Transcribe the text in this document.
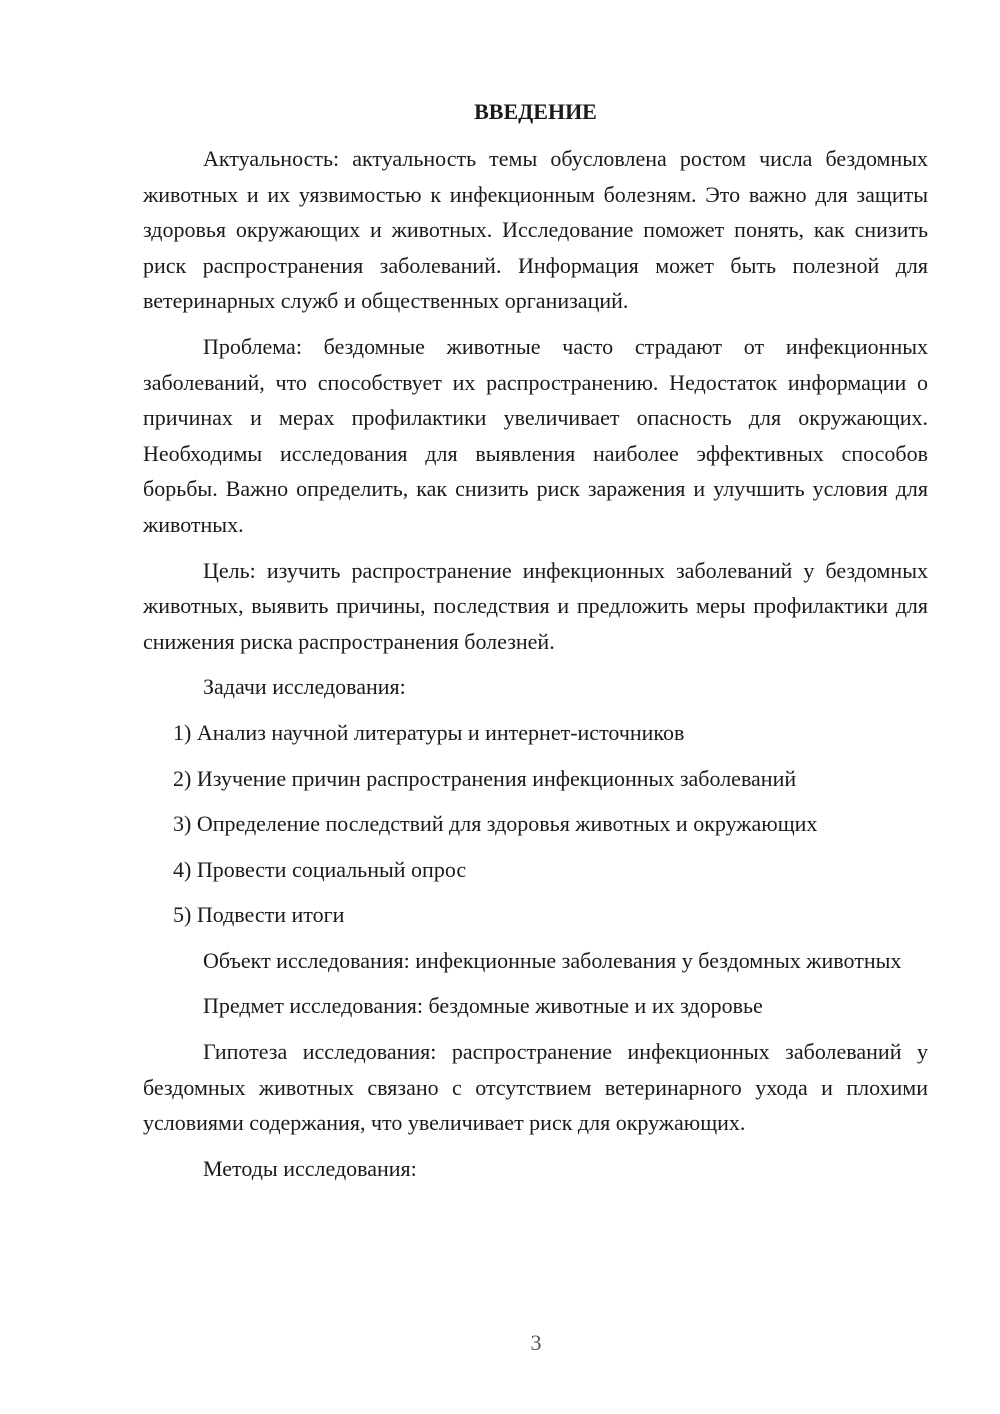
ВВЕДЕНИЕ

Актуальность: актуальность темы обусловлена ростом числа бездомных животных и их уязвимостью к инфекционным болезням. Это важно для защиты здоровья окружающих и животных. Исследование поможет понять, как снизить риск распространения заболеваний. Информация может быть полезной для ветеринарных служб и общественных организаций.

Проблема: бездомные животные часто страдают от инфекционных заболеваний, что способствует их распространению. Недостаток информации о причинах и мерах профилактики увеличивает опасность для окружающих. Необходимы исследования для выявления наиболее эффективных способов борьбы. Важно определить, как снизить риск заражения и улучшить условия для животных.

Цель: изучить распространение инфекционных заболеваний у бездомных животных, выявить причины, последствия и предложить меры профилактики для снижения риска распространения болезней.

Задачи исследования:

1) Анализ научной литературы и интернет-источников
2) Изучение причин распространения инфекционных заболеваний
3) Определение последствий для здоровья животных и окружающих
4) Провести социальный опрос
5) Подвести итоги

Объект исследования: инфекционные заболевания у бездомных животных

Предмет исследования: бездомные животные и их здоровье

Гипотеза исследования: распространение инфекционных заболеваний у бездомных животных связано с отсутствием ветеринарного ухода и плохими условиями содержания, что увеличивает риск для окружающих.

Методы исследования:

3
